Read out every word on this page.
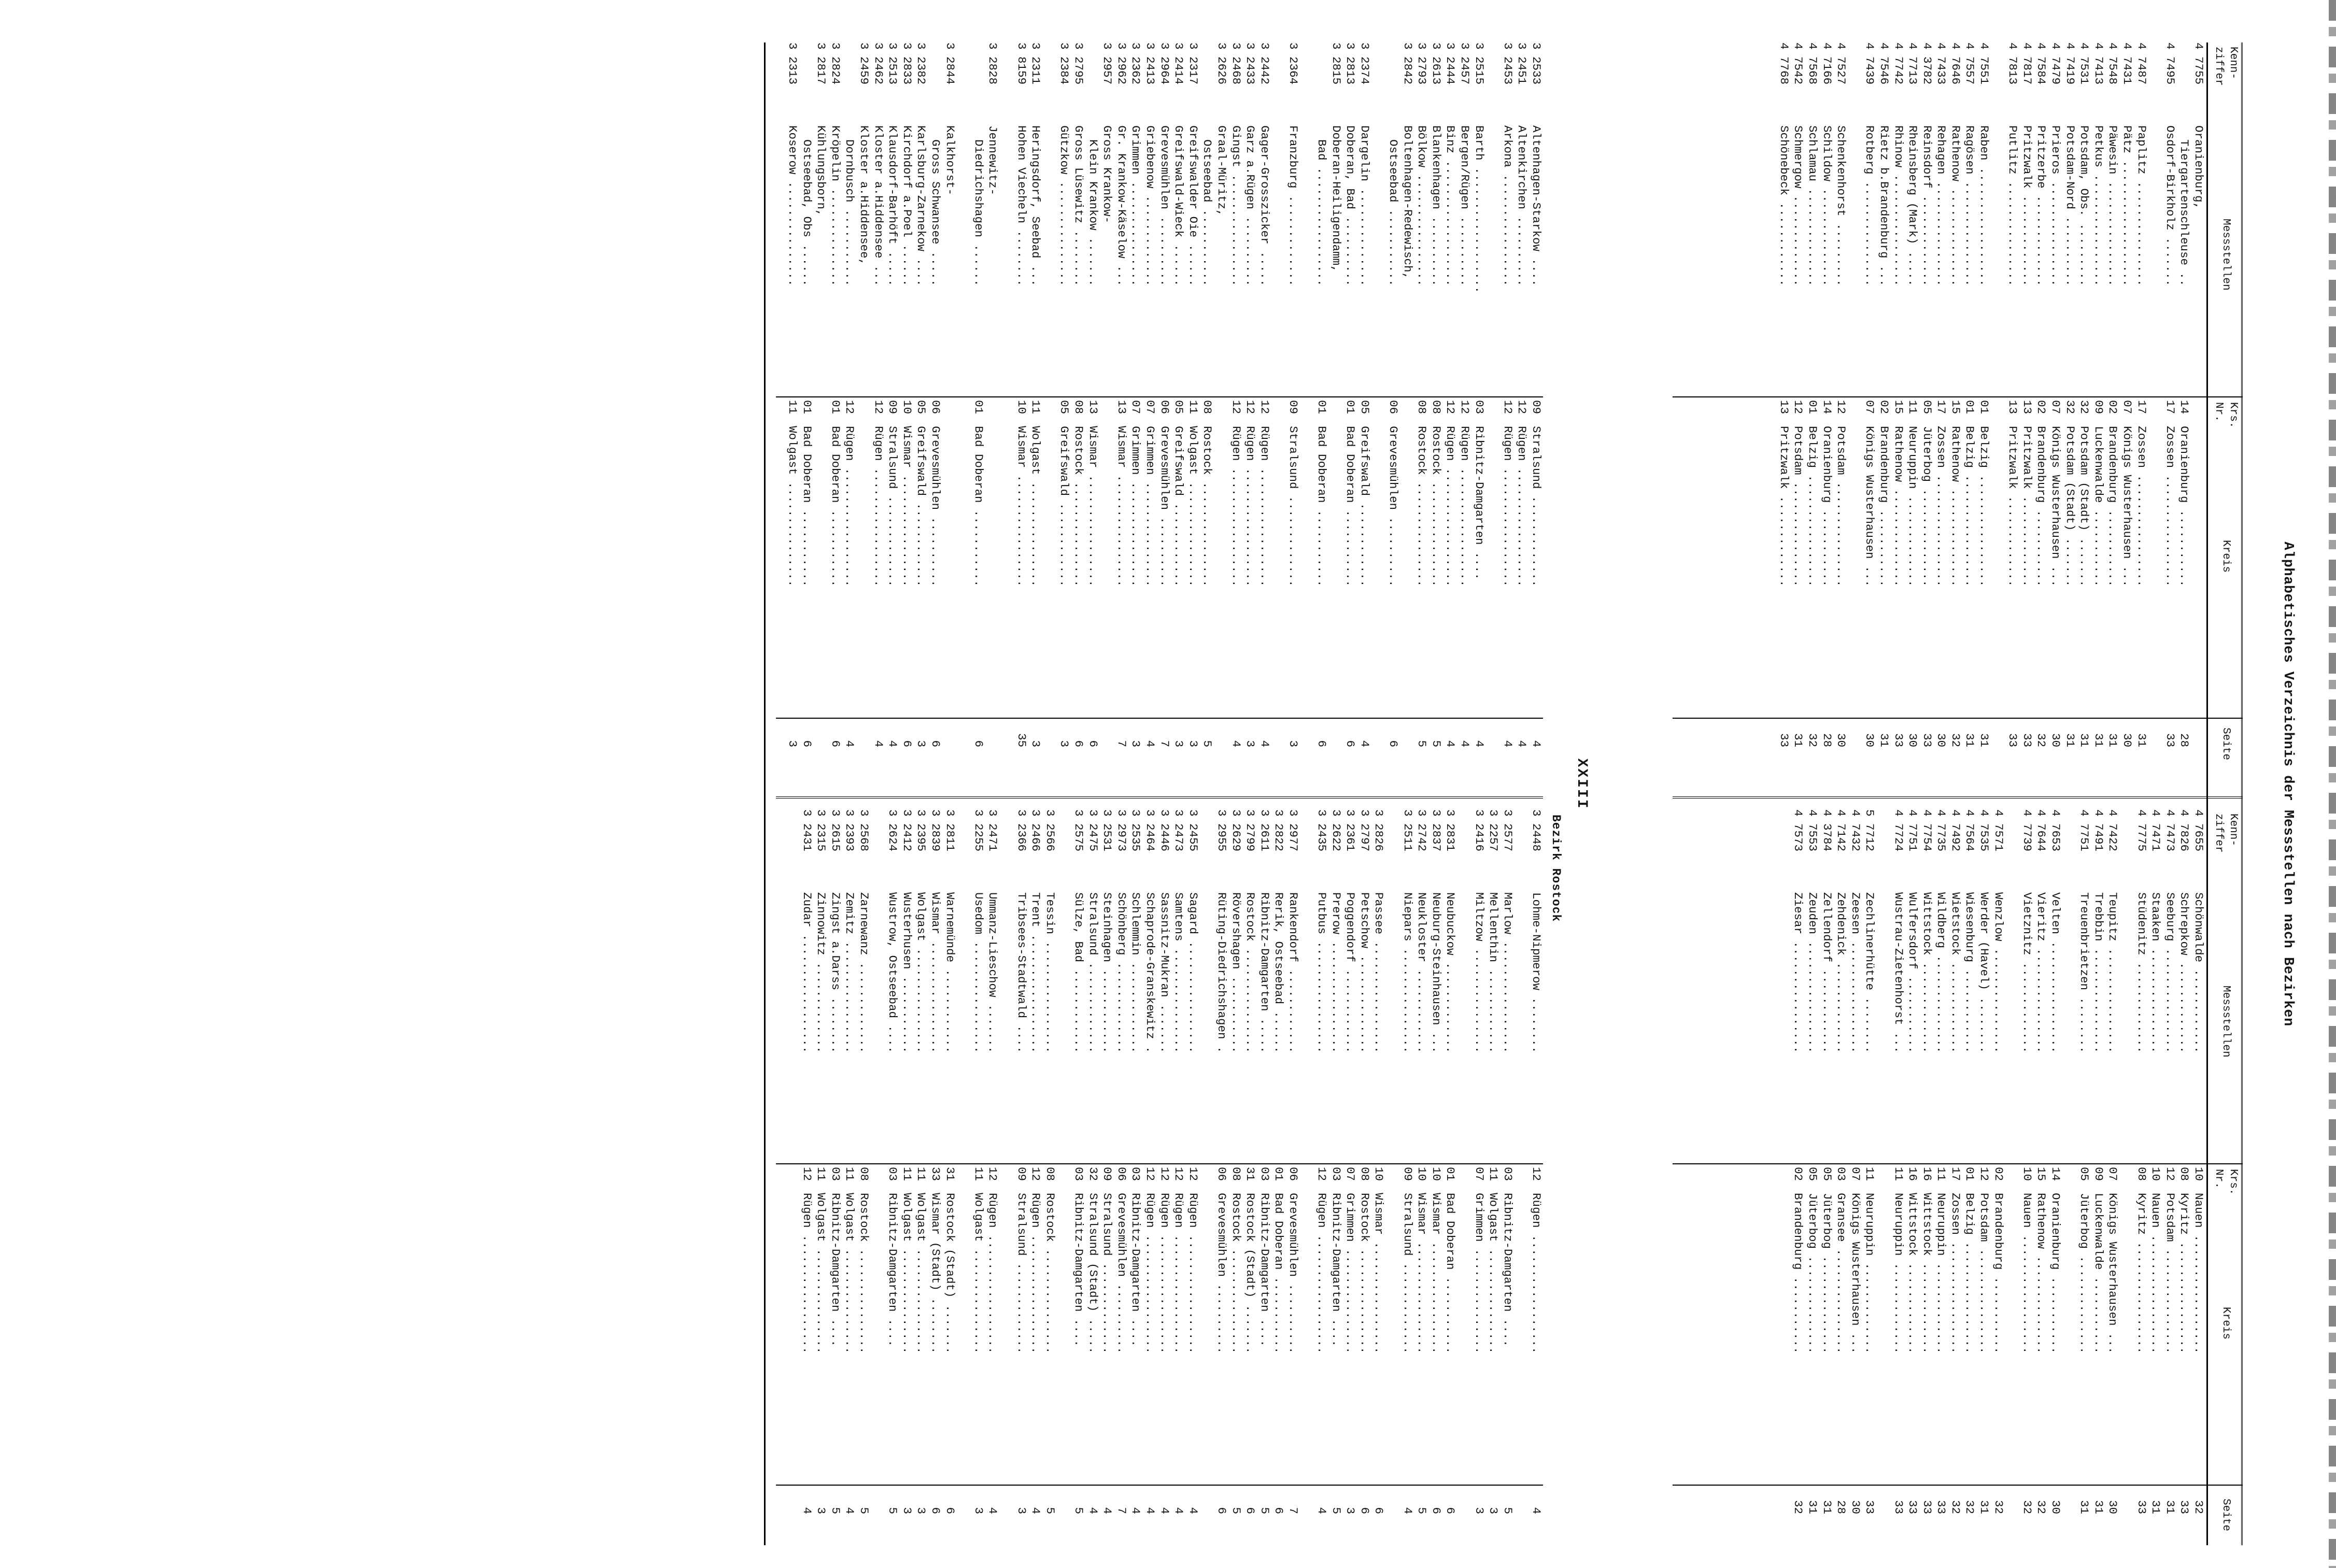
Alphabetisches Verzeichnis der Messstellen nach Bezirken
Kenn-
ziffer
Messstellen
Krs.
Nr.
Kreis
Seite
Kenn-
ziffer
Messstellen
Krs.
Nr.
Kreis
Seite
4 7755
Oranienburg,
Tiergartenschleuse ..
14
Oranienburg ...........
28
4 7495
Osdorf-Birkholz .......
17
Zossen ................
33
4 7487
Paplitz ...............
17
Zossen ................
31
4 7431
Pätz ..................
07
Königs Wusterhausen ...
30
4 7548
Päwesin ...............
02
Brandenburg ...........
31
4 7413
Petkus ................
09
Luckenwalde ...........
31
4 7531
Potsdam, Obs. .........
32
Potsdam (Stadt) .......
31
4 7419
Potsdam-Nord ..........
32
Potsdam (Stadt) .......
31
4 7479
Prieros ...............
07
Königs Wusterhausen ...
30
4 7584
Pritzerbe .............
02
Brandenburg ...........
32
4 7817
Pritzwalk .............
13
Pritzwalk .............
33
4 7813
Putlitz ...............
13
Pritzwalk .............
33
4 7551
Raben .................
01
Belzig ................
31
4 7557
Ragösen ...............
01
Belzig ................
31
4 7646
Rathenow ..............
15
Rathenow ..............
32
4 7433
Rehagen ...............
17
Zossen ................
30
4 3782
Reinsdorf .............
05
Jüterbog ..............
33
4 7713
Rheinsberg (Mark) .....
11
Neuruppin .............
30
4 7742
Rhinow ................
15
Rathenow ..............
33
4 7546
Rietz b.Brandenburg ...
02
Brandenburg ...........
31
4 7439
Rotberg ...............
07
Königs Wusterhausen ...
30
4 7527
Schenkenhorst .........
12
Potsdam ...............
30
4 7166
Schildow ..............
14
Oranienburg ...........
28
4 7568
Schlamau ..............
01
Belzig ................
32
4 7542
Schmergow .............
12
Potsdam ...............
31
4 7768
Schönebeck ............
13
Pritzwalk .............
33
4 7655
Schönwalde ............
10
Nauen .................
32
4 7826
Schrepkow .............
08
Kyritz ................
33
4 7473
Seeburg ...............
12
Potsdam ...............
31
4 7471
Staaken ...............
10
Nauen .................
31
4 7775
Stüdenitz .............
08
Kyritz ................
33
4 7422
Teupitz ...............
07
Königs Wusterhausen ...
30
4 7491
Trebbin ...............
09
Luckenwalde ...........
31
4 7751
Treuenbrietzen ........
05
Jüterbog ..............
31
4 7653
Velten ................
14
Oranienburg ...........
30
4 7644
Vieritz ...............
15
Rathenow ..............
32
4 7739
Vietznitz .............
10
Nauen .................
32
4 7571
Wenzlow ...............
02
Brandenburg ...........
32
4 7535
Werder (Havel) ........
12
Potsdam ...............
31
4 7564
Wiesenburg ............
01
Belzig ................
32
4 7492
Wietstock .............
17
Zossen ................
32
4 7735
Wildberg ..............
11
Neuruppin .............
33
4 7754
Wittstock .............
16
Wittstock .............
33
4 7751
Wulfersdorf ...........
16
Wittstock .............
33
4 7724
Wustrau-Zietenhorst ...
11
Neuruppin .............
33
5 7712
Zechlinerhütte ........
11
Neuruppin .............
33
4 7432
Zeesen ................
07
Königs Wusterhausen ...
30
4 7142
Zehdenick .............
03
Gransee ...............
28
4 3784
Zellendorf ............
05
Jüterbog ..............
31
4 7553
Zeuden ................
05
Jüterbog ..............
31
4 7573
Ziesar ................
02
Brandenburg ...........
32
XXIII
Bezirk Rostock
3 2533
Altenhagen-Starkow ....
09
Stralsund .............
4
3 2451
Altenkirchen ..........
12
Rügen .................
4
3 2453
Arkona ................
12
Rügen .................
4
3 2515
Barth ..................
03
Ribnitz-Damgarten ....
4
3 2457
Bergen/Rügen ..........
12
Rügen .................
4
3 2444
Binz ..................
12
Rügen .................
4
3 2613
Blankenhagen ..........
08
Rostock ...............
5
3 2793
Bölkow ................
08
Rostock ...............
5
3 2842
Boltenhagen-Redewisch,
Ostseebad ...........
06
Grevesmühlen ..........
6
3 2374
Dargelin ..............
05
Greifswald ............
4
3 2813
Doberan, Bad ..........
01
Bad Doberan ...........
6
3 2815
Doberan-Heiligendamm,
Bad .................
01
Bad Doberan ...........
6
3 2364
Franzburg .............
09
Stralsund .............
3
3 2442
Gager-Grosszicker .....
12
Rügen .................
4
3 2433
Garz a.Rügen ..........
12
Rügen .................
3
3 2468
Gingst ................
12
Rügen .................
4
3 2626
Graal-Müritz,
Ostseebad ...........
08
Rostock ...............
5
3 2317
Greifswalder Oie ......
11
Wolgast ...............
3
3 2414
Greifswald-Wieck ......
05
Greifswald ............
3
3 2964
Grevesmühlen ..........
06
Grevesmühlen ..........
7
3 2413
Griebenow .............
07
Grimmen ...............
4
3 2362
Grimmen ...............
07
Grimmen ...............
3
3 2962
Gr. Krankow-Käselow ...
13
Wismar ................
7
3 2957
Gross Krankow-
Klein Krankow .......
13
Wismar ................
6
3 2795
Gross Lüsewitz ........
08
Rostock ...............
6
3 2384
Gützkow ...............
05
Greifswald ............
3
3 2311
Heringsdorf, Seebad ...
11
Wolgast ...............
3
3 8159
Hohen Viecheln ........
10
Wismar ................
35
3 2828
Jennewitz-
Diedrichshagen ......
01
Bad Doberan ...........
6
3 2844
Kalkhorst-
Gross Schwansee .....
06
Grevesmühlen ..........
6
3 2382
Karlsburg-Zarnekow ....
05
Greifswald ............
3
3 2833
Kirchdorf a.Poel ......
10
Wismar ................
6
3 2513
Klausdorf-Barhöft .....
09
Stralsund .............
4
3 2462
Kloster a.Hiddensee ...
12
Rügen .................
4
3 2459
Kloster a.Hiddensee,
Dornbusch ...........
12
Rügen .................
4
3 2824
Kröpelin ..............
01
Bad Doberan ...........
6
3 2817
Kühlungsborn,
Ostseebad, Obs ......
01
Bad Doberan ...........
6
3 2313
Koserow ...............
11
Wolgast ...............
3
3 2448
Lohme-Nipmerow ........
12
Rügen .................
4
3 2577
Marlow ................
03
Ribnitz-Damgarten ....
5
3 2257
Mellenthin ............
11
Wolgast ...............
3
3 2416
Miltzow ...............
07
Grimmen ...............
3
3 2831
Neubuckow .............
01
Bad Doberan ...........
6
3 2837
Neuburg-Steinhausen ...
10
Wismar ................
6
3 2742
Neukloster ............
10
Wismar ................
5
3 2511
Niepars ...............
09
Stralsund .............
4
3 2826
Passee ................
10
Wismar ................
6
3 2797
Petschow ..............
08
Rostock ...............
6
3 2361
Poggendorf ............
07
Grimmen ...............
3
3 2622
Prerow ................
03
Ribnitz-Damgarten ....
5
3 2435
Putbus ................
12
Rügen .................
4
3 2977
Rankendorf ............
06
Grevesmühlen ..........
7
3 2822
Rerik, Ostseebad ......
01
Bad Doberan ...........
6
3 2611
Ribnitz-Damgarten .....
03
Ribnitz-Damgarten ....
5
3 2799
Rostock ...............
31
Rostock (Stadt) .......
6
3 2629
Rövershagen ...........
08
Rostock ...............
5
3 2955
Rüting-Diedrichshagen .
06
Grevesmühlen ..........
6
3 2455
Sagard ................
12
Rügen .................
4
3 2473
Samtens ...............
12
Rügen .................
4
3 2446
Sassnitz-Mukran .......
12
Rügen .................
4
3 2464
Schaprode-Granskewitz .
12
Rügen .................
4
3 2535
Schlemmin .............
03
Ribnitz-Damgarten ....
4
3 2973
Schönberg .............
06
Grevesmühlen ..........
7
3 2531
Steinhagen ............
09
Stralsund .............
4
3 2475
Stralsund .............
32
Stralsund (Stadt) .....
4
3 2575
Sülze, Bad ............
03
Ribnitz-Damgarten ....
5
3 2566
Tessin ................
08
Rostock ...............
5
3 2466
Trent .................
12
Rügen .................
4
3 2366
Tribsees-Stadtwald ....
09
Stralsund .............
3
3 2471
Ummanz-Lieschow .......
12
Rügen .................
4
3 2255
Usedom ................
11
Wolgast ...............
3
3 2811
Warnemünde ............
31
Rostock (Stadt) .......
6
3 2839
Wismar ................
33
Wismar (Stadt) ........
6
3 2395
Wolgast ...............
11
Wolgast ...............
3
3 2412
Wusterhusen ...........
11
Wolgast ...............
3
3 2624
Wustrow, Ostseebad ....
03
Ribnitz-Damgarten ....
5
3 2568
Zarnewanz .............
08
Rostock ...............
5
3 2393
Zemitz ................
11
Wolgast ...............
4
3 2615
Zingst a.Darss ........
03
Ribnitz-Damgarten ....
5
3 2315
Zinnowitz .............
11
Wolgast ...............
3
3 2431
Zudar .................
12
Rügen .................
4
